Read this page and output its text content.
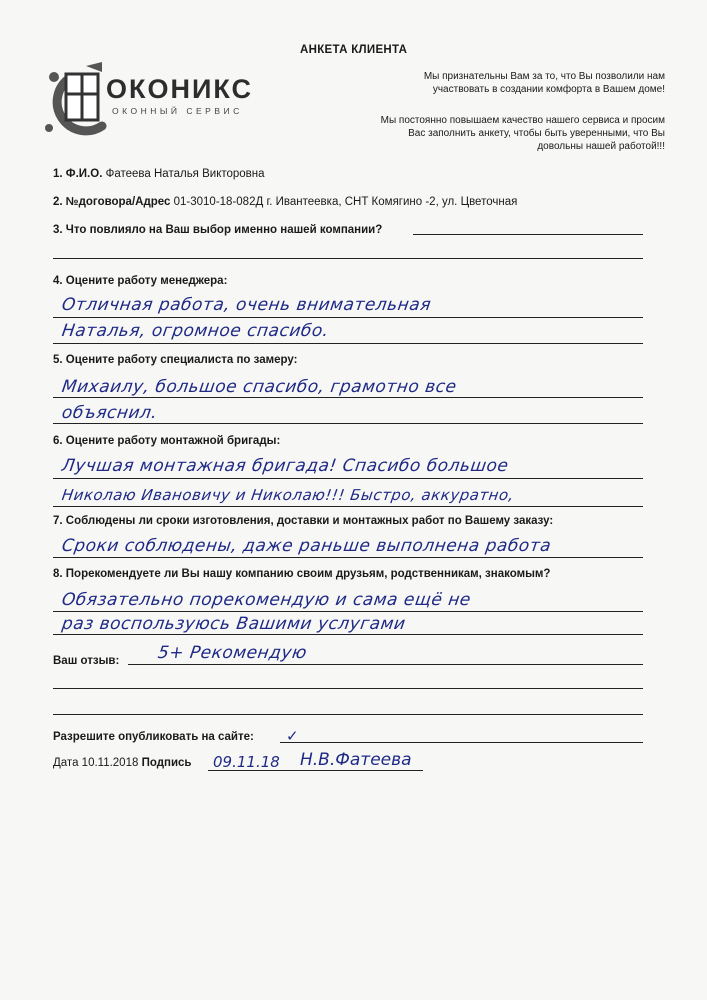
ОКОНИКС
ОКОННЫЙ СЕРВИС
АНКЕТА КЛИЕНТА
Мы признательны Вам за то, что Вы позволили нам участвовать в создании комфорта в Вашем доме!
Мы постоянно повышаем качество нашего сервиса и просим Вас заполнить анкету, чтобы быть уверенными, что Вы довольны нашей работой!!!
1. Ф.И.О. Фатеева Наталья Викторовна
2. №договора/Адрес 01-3010-18-082Д г. Ивантеевка, СНТ Комягино -2, ул. Цветочная
3. Что повлияло на Ваш выбор именно нашей компании?
4. Оцените работу менеджера:
Отличная работа, очень внимательная
Наталья, огромное спасибо.
5. Оцените работу специалиста по замеру:
Михаилу, большое спасибо, грамотно все
объяснил.
6. Оцените работу монтажной бригады:
Лучшая монтажная бригада! Спасибо большое
Николаю Ивановичу и Николаю!!! Быстро, аккуратно,
7. Соблюдены ли сроки изготовления, доставки и монтажных работ по Вашему заказу:
Сроки соблюдены, даже раньше выполнена работа
8. Порекомендуете ли Вы нашу компанию своим друзьям, родственникам, знакомым?
Обязательно порекомендую и сама ещё не
раз воспользуюсь Вашими услугами
Ваш отзыв: 5+ Рекомендую
Разрешите опубликовать на сайте: ✓
Дата 10.11.2018 Подпись 09.11.18 Н.В.Фатеева
